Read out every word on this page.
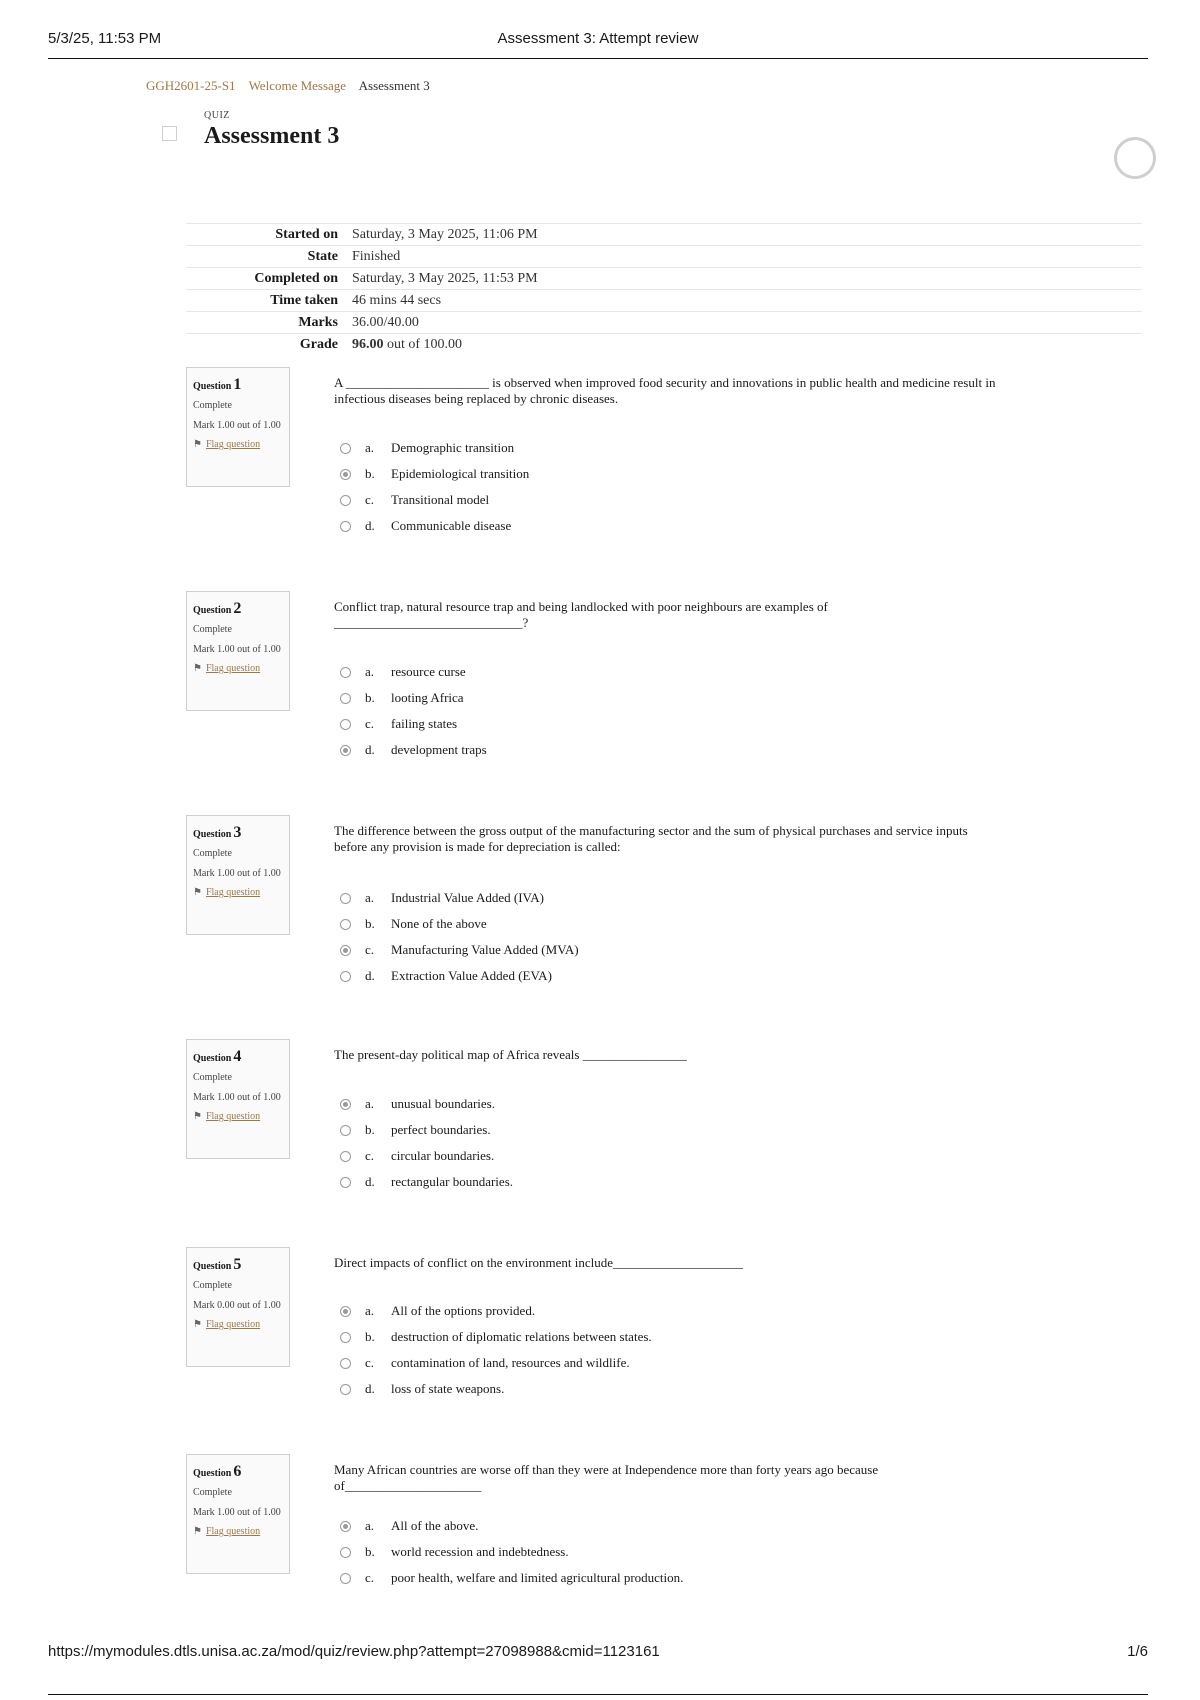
5/3/25, 11:53 PM	Assessment 3: Attempt review
GGH2601-25-S1 Welcome Message Assessment 3
QUIZ
Assessment 3
Started on	Saturday, 3 May 2025, 11:06 PM
State	Finished
Completed on	Saturday, 3 May 2025, 11:53 PM
Time taken	46 mins 44 secs
Marks	36.00/40.00
Grade	96.00 out of 100.00
Question 1
Complete
Mark 1.00 out of 1.00
⚑ Flag question
A ______________________ is observed when improved food security and innovations in public health and medicine result in infectious diseases being replaced by chronic diseases.
a.	Demographic transition
b.	Epidemiological transition
c.	Transitional model
d.	Communicable disease
Question 2
Complete
Mark 1.00 out of 1.00
⚑ Flag question
Conflict trap, natural resource trap and being landlocked with poor neighbours are examples of _____________________________?
a.	resource curse
b.	looting Africa
c.	failing states
d.	development traps
Question 3
Complete
Mark 1.00 out of 1.00
⚑ Flag question
The difference between the gross output of the manufacturing sector and the sum of physical purchases and service inputs before any provision is made for depreciation is called:
a.	Industrial Value Added (IVA)
b.	None of the above
c.	Manufacturing Value Added (MVA)
d.	Extraction Value Added (EVA)
Question 4
Complete
Mark 1.00 out of 1.00
⚑ Flag question
The present-day political map of Africa reveals ________________
a.	unusual boundaries.
b.	perfect boundaries.
c.	circular boundaries.
d.	rectangular boundaries.
Question 5
Complete
Mark 0.00 out of 1.00
⚑ Flag question
Direct impacts of conflict on the environment include____________________
a.	All of the options provided.
b.	destruction of diplomatic relations between states.
c.	contamination of land, resources and wildlife.
d.	loss of state weapons.
Question 6
Complete
Mark 1.00 out of 1.00
⚑ Flag question
Many African countries are worse off than they were at Independence more than forty years ago because of_____________________
a.	All of the above.
b.	world recession and indebtedness.
c.	poor health, welfare and limited agricultural production.
https://mymodules.dtls.unisa.ac.za/mod/quiz/review.php?attempt=27098988&cmid=1123161	1/6
